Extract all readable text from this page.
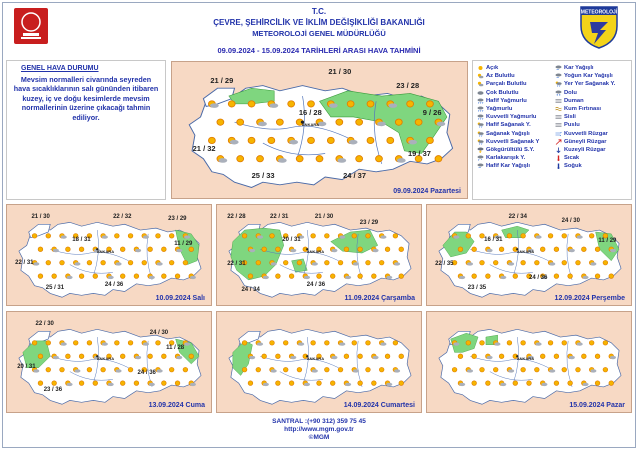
T.C.
ÇEVRE, ŞEHİRCİLİK VE İKLİM DEĞİŞİKLİĞİ BAKANLIĞI
METEOROLOJİ GENEL MÜDÜRLÜĞÜ
09.09.2024 - 15.09.2024 TARİHLERİ ARASI HAVA TAHMİNİ
METEOROLOJİ
GENEL HAVA DURUMU
Mevsim normalleri civarında seyreden hava sıcaklıklarının salı gününden itibaren kuzey, iç ve doğu kesimlerde mevsim normallerinin üzerine çıkacağı tahmin ediliyor.
09.09.2024 Pazartesi
ANKARA
21 / 29
21 / 30
23 / 28
16 / 28	9 / 26
21 / 32
19 / 37
25 / 33	24 / 37
Açık
Az Bulutlu
Parçalı Bulutlu
Çok Bulutlu
Hafif Yağmurlu
Yağmurlu
Kuvvetli Yağmurlu
Hafif Sağanak Y.
Sağanak Yağışlı
Kuvvetli Sağanak Y
Gökgürültülü S.Y.
* Karlakarışık Y.
** Hafif Kar Yağışlı
** Kar Yağışlı
** Yoğun Kar Yağışlı
Yer Yer Sağanak Y.
Dolu
Duman
Kum Fırtınası
Sisli
Puslu
Kuvvetli Rüzgar
Güneyli Rüzgar
Kuzeyli Rüzgar
Sıcak
Soğuk
10.09.2024 Salı
ANKARA
21 / 30	22 / 32	23 / 29
18 / 31
11 / 29
22 / 31
24 / 36
25 / 31
11.09.2024 Çarşamba
ANKARA
22 / 28	22 / 31	21 / 30
23 / 29
20 / 31
22 / 31
24 / 36
24 / 34
12.09.2024 Perşembe
ANKARA
22 / 34
24 / 30
16 / 31	11 / 29
22 / 35
24 / 36
23 / 35
13.09.2024 Cuma
ANKARA
22 / 30
24 / 30
20 / 31
11 / 28
24 / 36
23 / 36
14.09.2024 Cumartesi
ANKARA
15.09.2024 Pazar
ANKARA
SANTRAL :(+90 312) 359 75 45
http://www.mgm.gov.tr
©MGM
